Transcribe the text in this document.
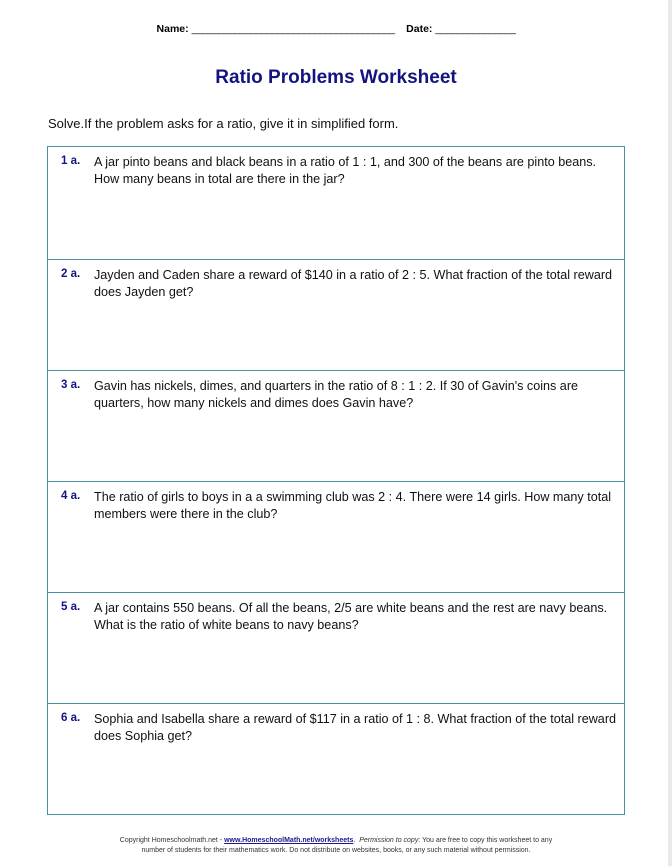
Name: ______________________________________ Date: _______________
Ratio Problems Worksheet
Solve.If the problem asks for a ratio, give it in simplified form.
1 a. A jar pinto beans and black beans in a ratio of 1 : 1, and 300 of the beans are pinto beans. How many beans in total are there in the jar?
2 a. Jayden and Caden share a reward of $140 in a ratio of 2 : 5. What fraction of the total reward does Jayden get?
3 a. Gavin has nickels, dimes, and quarters in the ratio of 8 : 1 : 2. If 30 of Gavin's coins are quarters, how many nickels and dimes does Gavin have?
4 a. The ratio of girls to boys in a a swimming club was 2 : 4. There were 14 girls. How many total members were there in the club?
5 a. A jar contains 550 beans. Of all the beans, 2/5 are white beans and the rest are navy beans. What is the ratio of white beans to navy beans?
6 a. Sophia and Isabella share a reward of $117 in a ratio of 1 : 8. What fraction of the total reward does Sophia get?
Copyright Homeschoolmath.net - www.HomeschoolMath.net/worksheets.  Permission to copy: You are free to copy this worksheet to any
number of students for their mathematics work. Do not distribute on websites, books, or any such material without permission.
